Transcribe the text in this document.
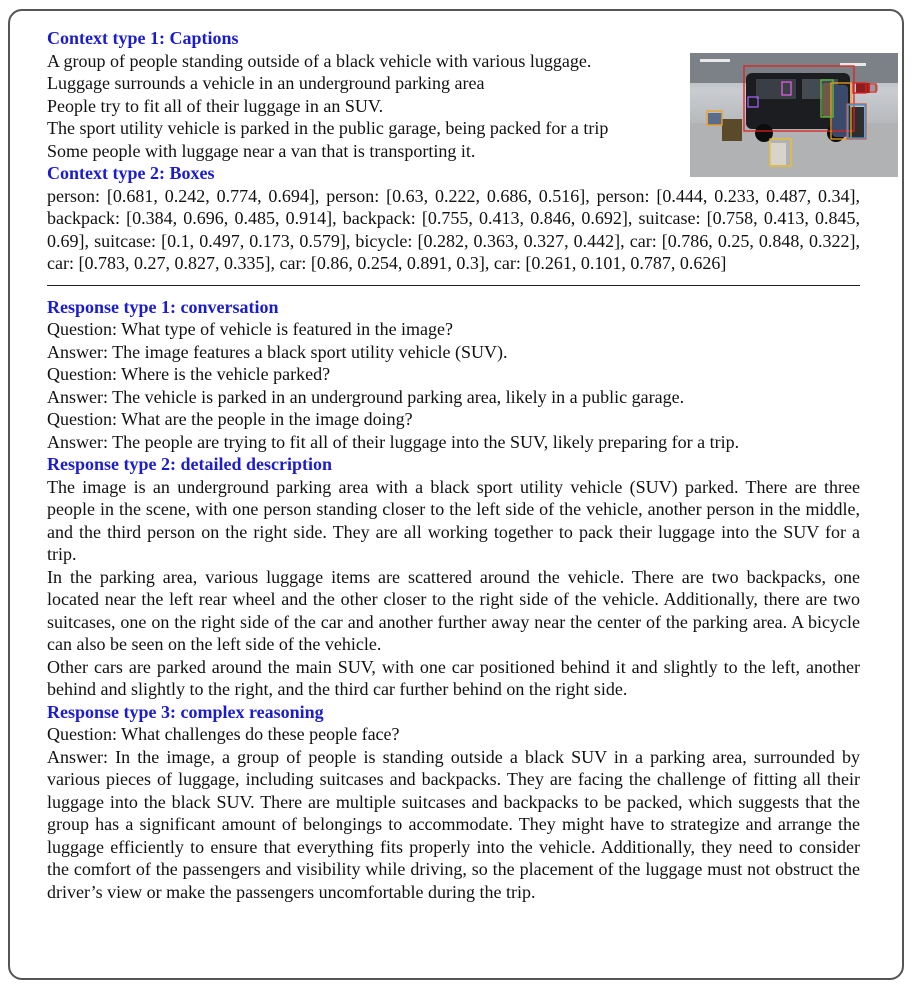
Context type 1: Captions
A group of people standing outside of a black vehicle with various luggage.
Luggage surrounds a vehicle in an underground parking area
People try to fit all of their luggage in an SUV.
The sport utility vehicle is parked in the public garage, being packed for a trip
Some people with luggage near a van that is transporting it.
Context type 2: Boxes
person: [0.681, 0.242, 0.774, 0.694], person: [0.63, 0.222, 0.686, 0.516], person: [0.444, 0.233, 0.487, 0.34], backpack: [0.384, 0.696, 0.485, 0.914], backpack: [0.755, 0.413, 0.846, 0.692], suitcase: [0.758, 0.413, 0.845, 0.69], suitcase: [0.1, 0.497, 0.173, 0.579], bicycle: [0.282, 0.363, 0.327, 0.442], car: [0.786, 0.25, 0.848, 0.322], car: [0.783, 0.27, 0.827, 0.335], car: [0.86, 0.254, 0.891, 0.3], car: [0.261, 0.101, 0.787, 0.626]
Response type 1: conversation
Question: What type of vehicle is featured in the image?
Answer: The image features a black sport utility vehicle (SUV).
Question: Where is the vehicle parked?
Answer: The vehicle is parked in an underground parking area, likely in a public garage.
Question: What are the people in the image doing?
Answer: The people are trying to fit all of their luggage into the SUV, likely preparing for a trip.
Response type 2: detailed description
The image is an underground parking area with a black sport utility vehicle (SUV) parked. There are three people in the scene, with one person standing closer to the left side of the vehicle, another person in the middle, and the third person on the right side. They are all working together to pack their luggage into the SUV for a trip.
In the parking area, various luggage items are scattered around the vehicle. There are two backpacks, one located near the left rear wheel and the other closer to the right side of the vehicle. Additionally, there are two suitcases, one on the right side of the car and another further away near the center of the parking area. A bicycle can also be seen on the left side of the vehicle.
Other cars are parked around the main SUV, with one car positioned behind it and slightly to the left, another behind and slightly to the right, and the third car further behind on the right side.
Response type 3: complex reasoning
Question: What challenges do these people face?
Answer: In the image, a group of people is standing outside a black SUV in a parking area, surrounded by various pieces of luggage, including suitcases and backpacks. They are facing the challenge of fitting all their luggage into the black SUV. There are multiple suitcases and backpacks to be packed, which suggests that the group has a significant amount of belongings to accommodate. They might have to strategize and arrange the luggage efficiently to ensure that everything fits properly into the vehicle. Additionally, they need to consider the comfort of the passengers and visibility while driving, so the placement of the luggage must not obstruct the driver’s view or make the passengers uncomfortable during the trip.
